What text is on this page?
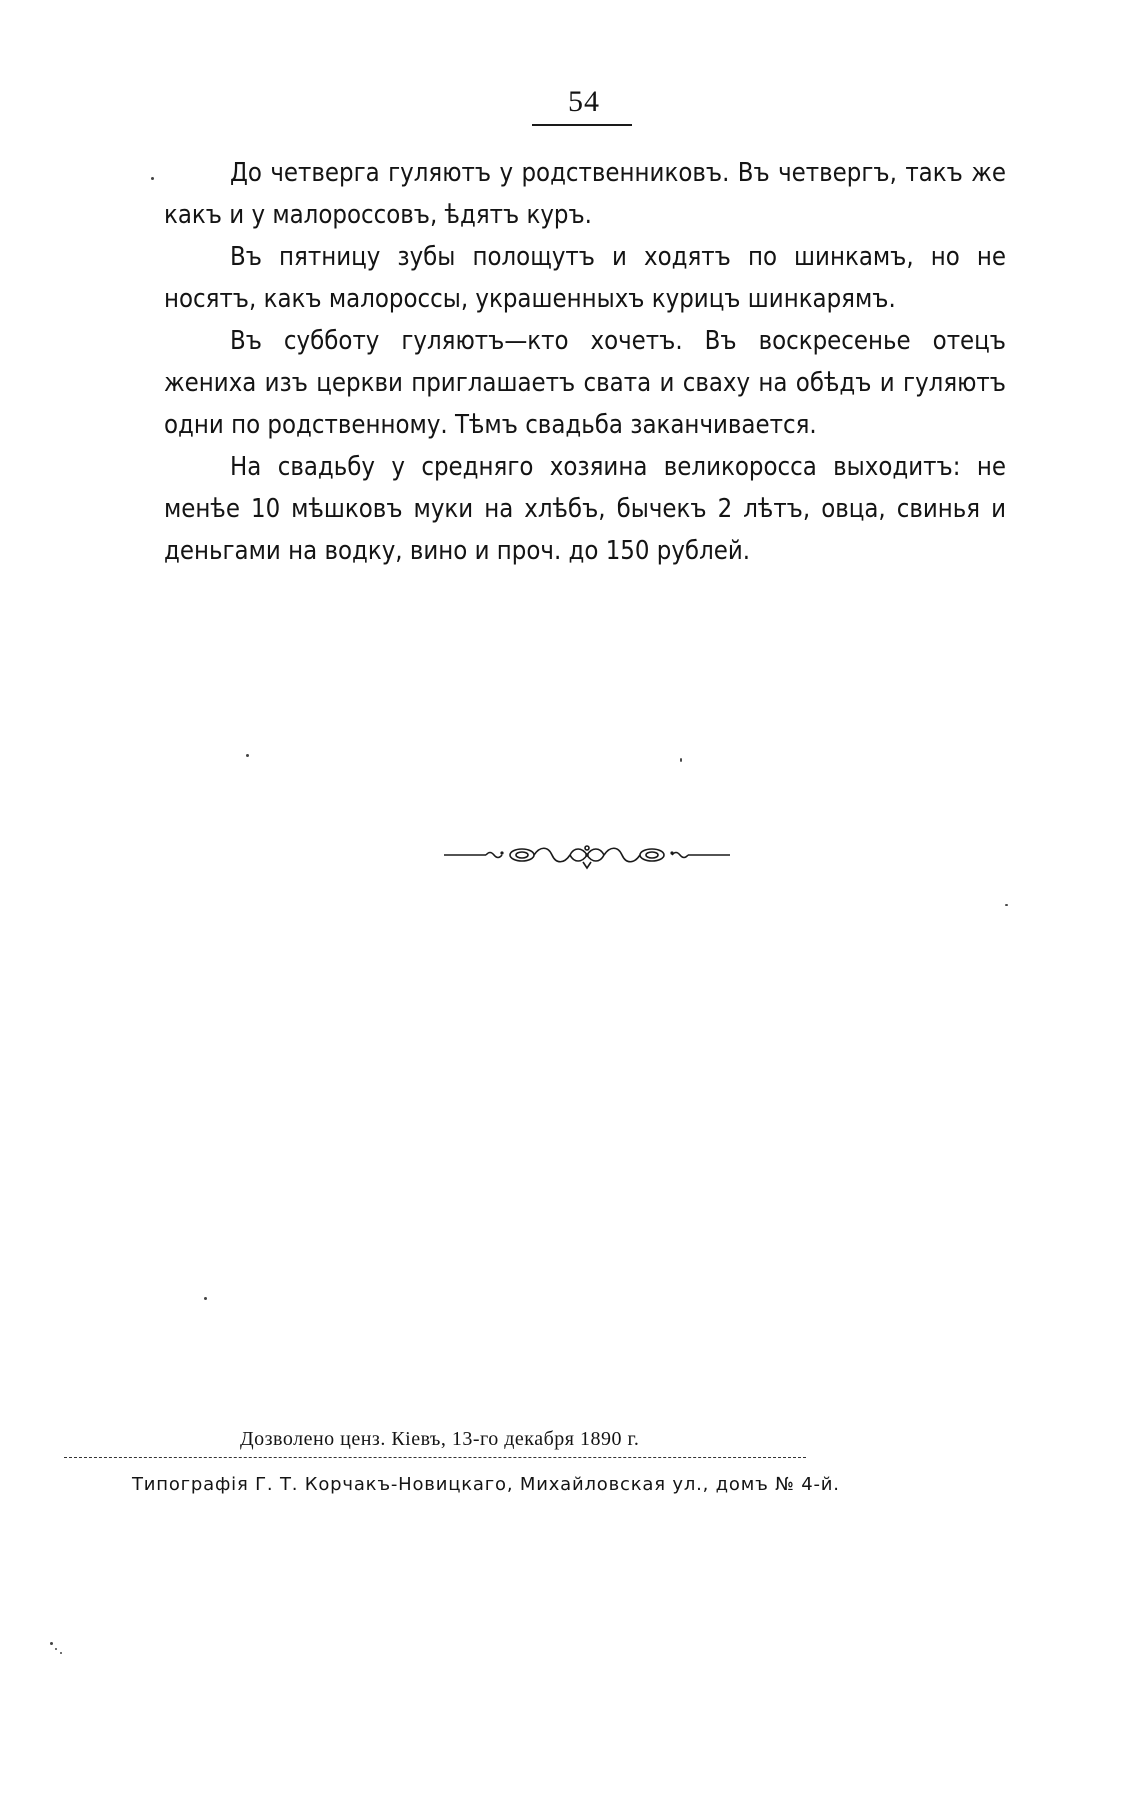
54

До четверга гуляютъ у родственниковъ. Въ четвергъ, такъ же какъ и у малороссовъ, ѣдятъ куръ.

Въ пятницу зубы полощутъ и ходятъ по шинкамъ, но не носятъ, какъ малороссы, украшенныхъ курицъ шинкарямъ.

Въ субботу гуляютъ—кто хочетъ. Въ воскресенье отецъ жениха изъ церкви приглашаетъ свата и сваху на обѣдъ и гуляютъ одни по родственному. Тѣмъ свадьба заканчивается.

На свадьбу у средняго хозяина великоросса выходитъ: не менѣе 10 мѣшковъ муки на хлѣбъ, бычекъ 2 лѣтъ, овца, свинья и деньгами на водку, вино и проч. до 150 рублей.

Дозволено ценз. Кіевъ, 13-го декабря 1890 г.
Типографія Г. Т. Корчакъ-Новицкаго, Михайловская ул., домъ № 4-й.
